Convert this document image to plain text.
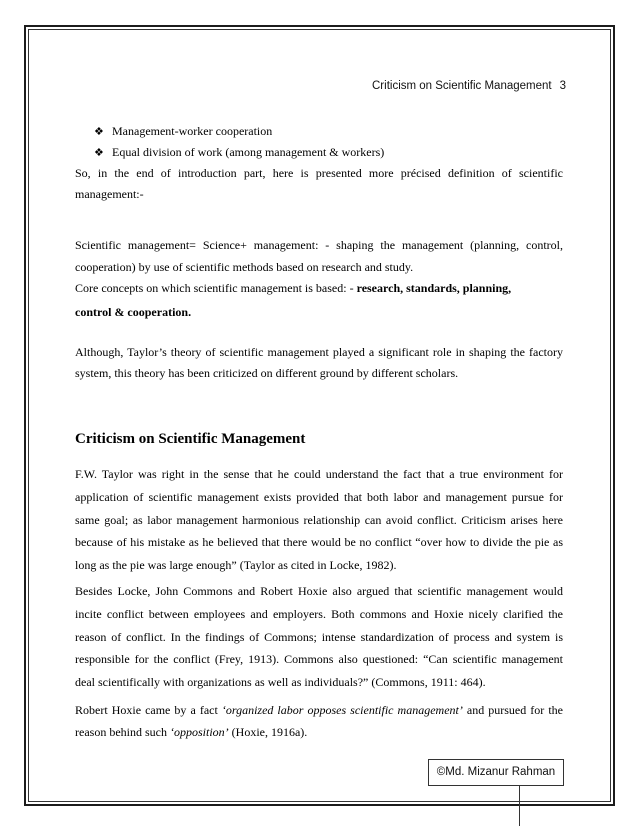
Criticism on Scientific Management 3
❖ Management-worker cooperation
❖ Equal division of work (among management & workers)

So, in the end of introduction part, here is presented more précised definition of scientific management:-

Scientific management= Science+ management: - shaping the management (planning, control, cooperation) by use of scientific methods based on research and study.

Core concepts on which scientific management is based: - research, standards, planning,
control & cooperation.

Although, Taylor’s theory of scientific management played a significant role in shaping the factory system, this theory has been criticized on different ground by different scholars.

Criticism on Scientific Management

F.W. Taylor was right in the sense that he could understand the fact that a true environment for application of scientific management exists provided that both labor and management pursue for same goal; as labor management harmonious relationship can avoid conflict. Criticism arises here because of his mistake as he believed that there would be no conflict “over how to divide the pie as long as the pie was large enough” (Taylor as cited in Locke, 1982).

Besides Locke, John Commons and Robert Hoxie also argued that scientific management would incite conflict between employees and employers. Both commons and Hoxie nicely clarified the reason of conflict. In the findings of Commons; intense standardization of process and system is responsible for the conflict (Frey, 1913). Commons also questioned: “Can scientific management deal scientifically with organizations as well as individuals?” (Commons, 1911: 464).

Robert Hoxie came by a fact ‘organized labor opposes scientific management’ and pursued for the reason behind such ‘opposition’ (Hoxie, 1916a).

©Md. Mizanur Rahman
